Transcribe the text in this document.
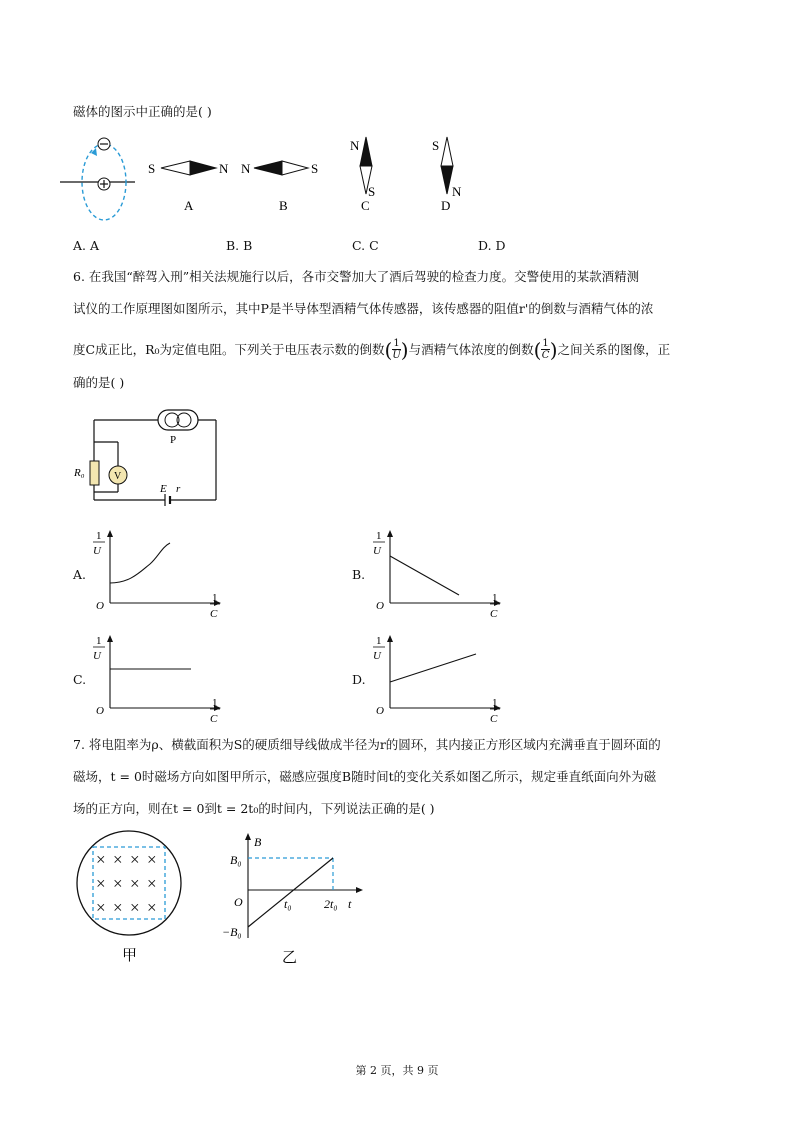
磁体的图示中正确的是( )
S	N
A
N	S
B
N
S
C
S
N
D
A. A	B. B	C. C	D. D
6. 在我国“醉驾入刑”相关法规施行以后，各市交警加大了酒后驾驶的检查力度。交警使用的某款酒精测
试仪的工作原理图如图所示，其中P是半导体型酒精气体传感器，该传感器的阻值r'的倒数与酒精气体的浓
度C成正比，R₀为定值电阻。下列关于电压表示数的倒数 ( $\frac{1}{U}$ ) 与酒精气体浓度的倒数 ( $\frac{1}{C}$ ) 之间关系的图像，正
确的是( )
P
R₀	V
E r
A.
1
U
O
1
C
B.
1
U
O
1
C
C.
1
U
O
1
C
D.
1
U
O
1
C
7. 将电阻率为ρ、横截面积为S的硬质细导线做成半径为r的圆环，其内接正方形区域内充满垂直于圆环面的
磁场，t = 0时磁场方向如图甲所示，磁感应强度B随时间t的变化关系如图乙所示，规定垂直纸面向外为磁
场的正方向，则在t = 0到t = 2t₀的时间内，下列说法正确的是( )
× × × ×
× × × ×
× × × ×
甲
B
t
B₀
−B₀
O	t₀	2t₀
乙
第 2 页，共 9 页
